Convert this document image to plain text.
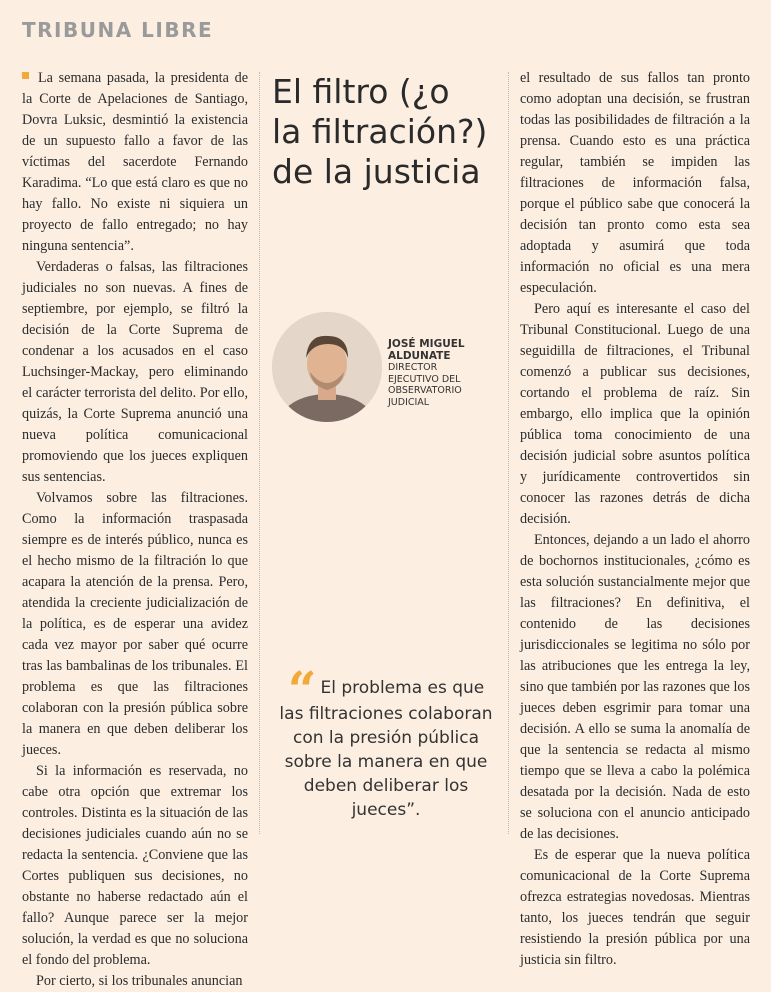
TRIBUNA LIBRE

La semana pasada, la presidenta de la Corte de Apelaciones de Santiago, Dovra Luksic, desmintió la existencia de un supuesto fallo a favor de las víctimas del sacerdote Fernando Karadima. “Lo que está claro es que no hay fallo. No existe ni siquiera un proyecto de fallo entregado; no hay ninguna sentencia”.

Verdaderas o falsas, las filtraciones judiciales no son nuevas. A fines de septiembre, por ejemplo, se filtró la decisión de la Corte Suprema de condenar a los acusados en el caso Luchsinger-Mackay, pero eliminando el carácter terrorista del delito. Por ello, quizás, la Corte Suprema anunció una nueva política comunicacional promoviendo que los jueces expliquen sus sentencias.

Volvamos sobre las filtraciones. Como la información traspasada siempre es de interés público, nunca es el hecho mismo de la filtración lo que acapara la atención de la prensa. Pero, atendida la creciente judicialización de la política, es de esperar una avidez cada vez mayor por saber qué ocurre tras las bambalinas de los tribunales. El problema es que las filtraciones colaboran con la presión pública sobre la manera en que deben deliberar los jueces.

Si la información es reservada, no cabe otra opción que extremar los controles. Distinta es la situación de las decisiones judiciales cuando aún no se redacta la sentencia. ¿Conviene que las Cortes publiquen sus decisiones, no obstante no haberse redactado aún el fallo? Aunque parece ser la mejor solución, la verdad es que no soluciona el fondo del problema.

Por cierto, si los tribunales anuncian

El filtro (¿o
la filtración?)
de la justicia
JOSÉ MIGUEL
ALDUNATE
DIRECTOR
EJECUTIVO DEL
OBSERVATORIO
JUDICIAL
“ El problema es que las filtraciones colaboran con la presión pública sobre la manera en que deben deliberar los jueces”.

el resultado de sus fallos tan pronto como adoptan una decisión, se frustran todas las posibilidades de filtración a la prensa. Cuando esto es una práctica regular, también se impiden las filtraciones de información falsa, porque el público sabe que conocerá la decisión tan pronto como esta sea adoptada y asumirá que toda información no oficial es una mera especulación.

Pero aquí es interesante el caso del Tribunal Constitucional. Luego de una seguidilla de filtraciones, el Tribunal comenzó a publicar sus decisiones, cortando el problema de raíz. Sin embargo, ello implica que la opinión pública toma conocimiento de una decisión judicial sobre asuntos política y jurídicamente controvertidos sin conocer las razones detrás de dicha decisión.

Entonces, dejando a un lado el ahorro de bochornos institucionales, ¿cómo es esta solución sustancialmente mejor que las filtraciones? En definitiva, el contenido de las decisiones jurisdiccionales se legitima no sólo por las atribuciones que les entrega la ley, sino que también por las razones que los jueces deben esgrimir para tomar una decisión. A ello se suma la anomalía de que la sentencia se redacta al mismo tiempo que se lleva a cabo la polémica desatada por la decisión. Nada de esto se soluciona con el anuncio anticipado de las decisiones.

Es de esperar que la nueva política comunicacional de la Corte Suprema ofrezca estrategias novedosas. Mientras tanto, los jueces tendrán que seguir resistiendo la presión pública por una justicia sin filtro.
